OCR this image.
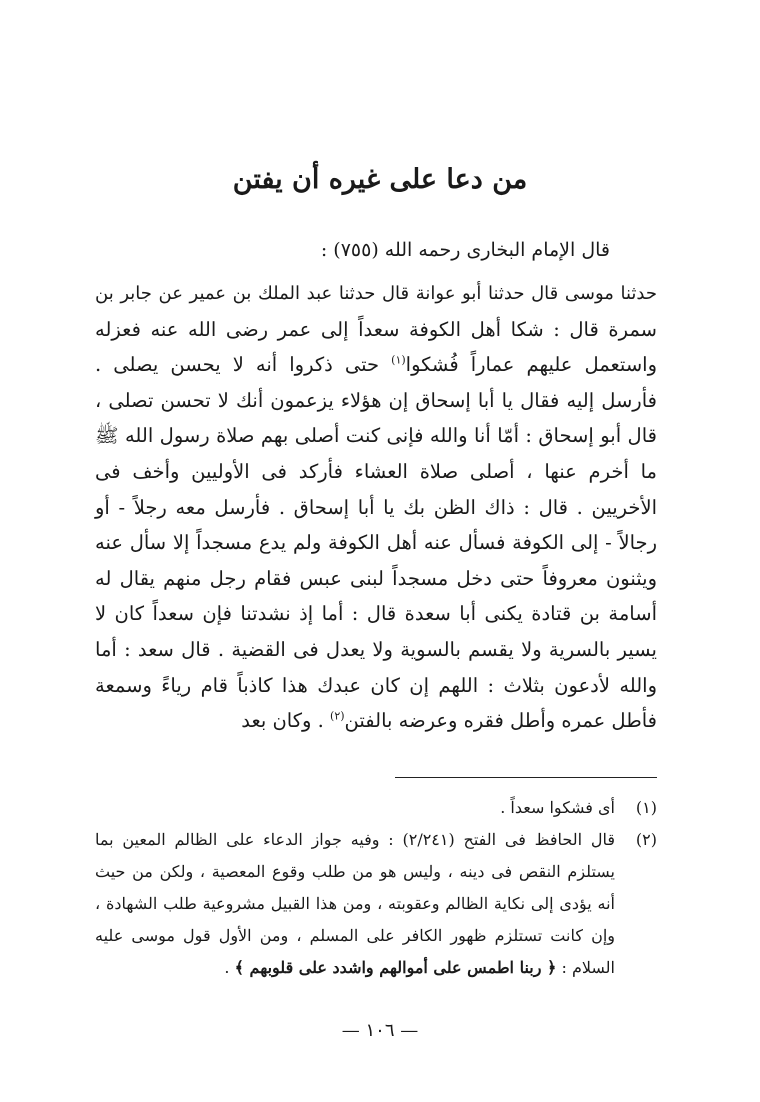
من دعا على غيره أن يفتن
قال الإمام البخارى رحمه الله (٧٥٥) :
حدثنا موسى قال حدثنا أبو عوانة قال حدثنا عبد الملك بن عمير عن جابر بن
سمرة قال : شكا أهل الكوفة سعداً إلى عمر رضى الله عنه فعزله واستعمل عليهم عماراً فُشكوا$^{(١)}$ حتى ذكروا أنه لا يحسن يصلى . فأرسل إليه فقال يا أبا إسحاق إن هؤلاء يزعمون أنك لا تحسن تصلى ، قال أبو إسحاق : أمّا أنا والله فإنى كنت أصلى بهم صلاة رسول الله ﷺ ما أخرم عنها ، أصلى صلاة العشاء فأركد فى الأوليين وأخف فى الأخريين . قال : ذاك الظن بك يا أبا إسحاق . فأرسل معه رجلاً - أو رجالاً - إلى الكوفة فسأل عنه أهل الكوفة ولم يدع مسجداً إلا سأل عنه ويثنون معروفاً حتى دخل مسجداً لبنى عبس فقام رجل منهم يقال له أسامة بن قتادة يكنى أبا سعدة قال : أما إذ نشدتنا فإن سعداً كان لا يسير بالسرية ولا يقسم بالسوية ولا يعدل فى القضية . قال سعد : أما والله لأدعون بثلاث : اللهم إن كان عبدك هذا كاذباً قام رياءً وسمعة فأطل عمره وأطل فقره وعرضه بالفتن$^{(٢)}$ . وكان بعد
(١)
أى فشكوا سعداً .
(٢)
قال الحافظ فى الفتح (٢/٢٤١) : وفيه جواز الدعاء على الظالم المعين بما يستلزم النقص فى دينه ، وليس هو من طلب وقوع المعصية ، ولكن من حيث أنه يؤدى إلى نكاية الظالم وعقوبته ، ومن هذا القبيل مشروعية طلب الشهادة ، وإن كانت تستلزم ظهور الكافر على المسلم ، ومن الأول قول موسى عليه السلام : ﴿ ربنا اطمس على أموالهم واشدد على قلوبهم ﴾ .
— ١٠٦ —
